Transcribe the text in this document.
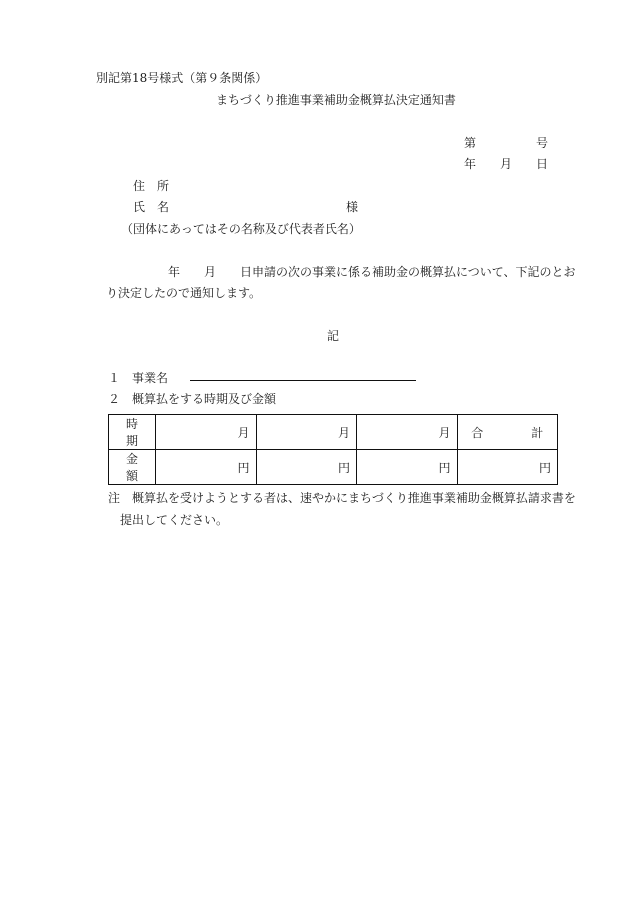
別記第18号様式（第９条関係）
まちづくり推進事業補助金概算払決定通知書
第　　　　　号
年　　月　　日
住　所
氏　名	様
（団体にあってはその名称及び代表者氏名）
年　　月　　日申請の次の事業に係る補助金の概算払について、下記のとお
り決定したので通知します。
記
１　事業名
２　概算払をする時期及び金額
時　期	月	月	月	合　　　　計
金　額	円	円	円	円
注　概算払を受けようとする者は、速やかにまちづくり推進事業補助金概算払請求書を
提出してください。
